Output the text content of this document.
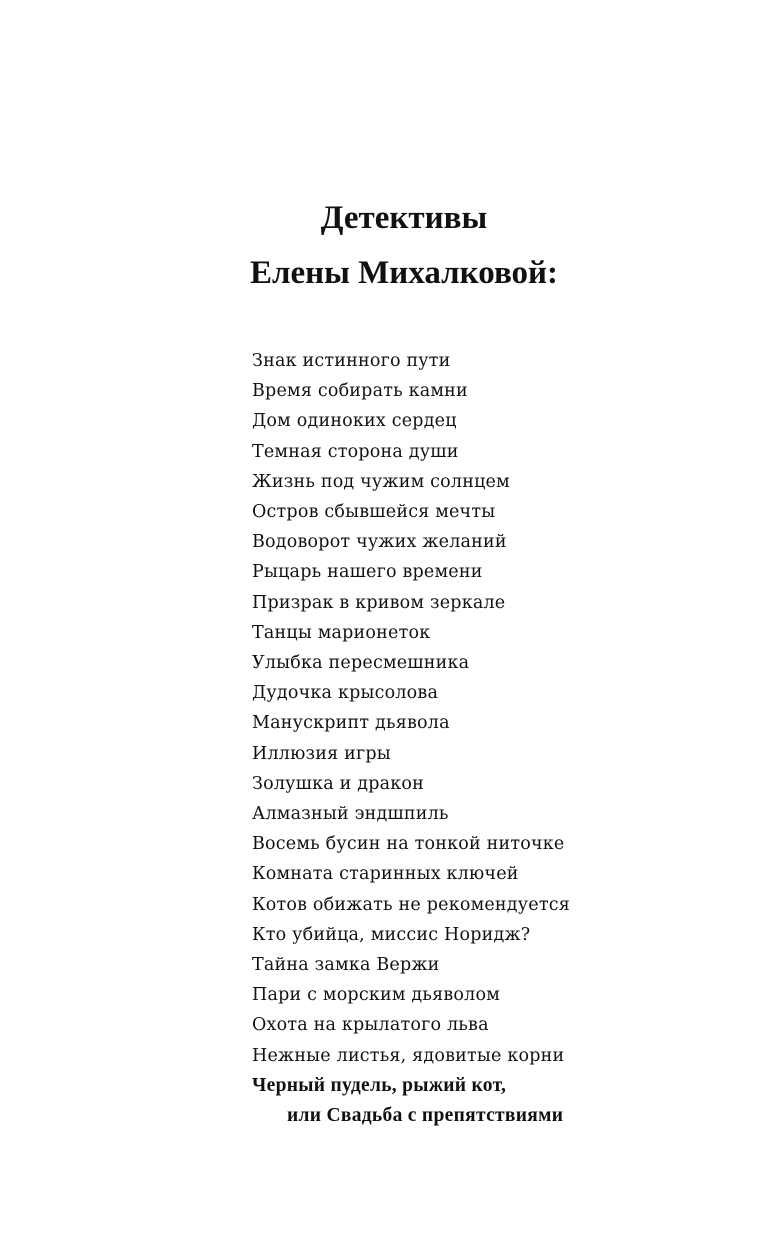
Детективы
Елены Михалковой:
Знак истинного пути
Время собирать камни
Дом одиноких сердец
Темная сторона души
Жизнь под чужим солнцем
Остров сбывшейся мечты
Водоворот чужих желаний
Рыцарь нашего времени
Призрак в кривом зеркале
Танцы марионеток
Улыбка пересмешника
Дудочка крысолова
Манускрипт дьявола
Иллюзия игры
Золушка и дракон
Алмазный эндшпиль
Восемь бусин на тонкой ниточке
Комната старинных ключей
Котов обижать не рекомендуется
Кто убийца, миссис Норидж?
Тайна замка Вержи
Пари с морским дьяволом
Охота на крылатого льва
Нежные листья, ядовитые корни
Черный пудель, рыжий кот,
или Свадьба с препятствиями
